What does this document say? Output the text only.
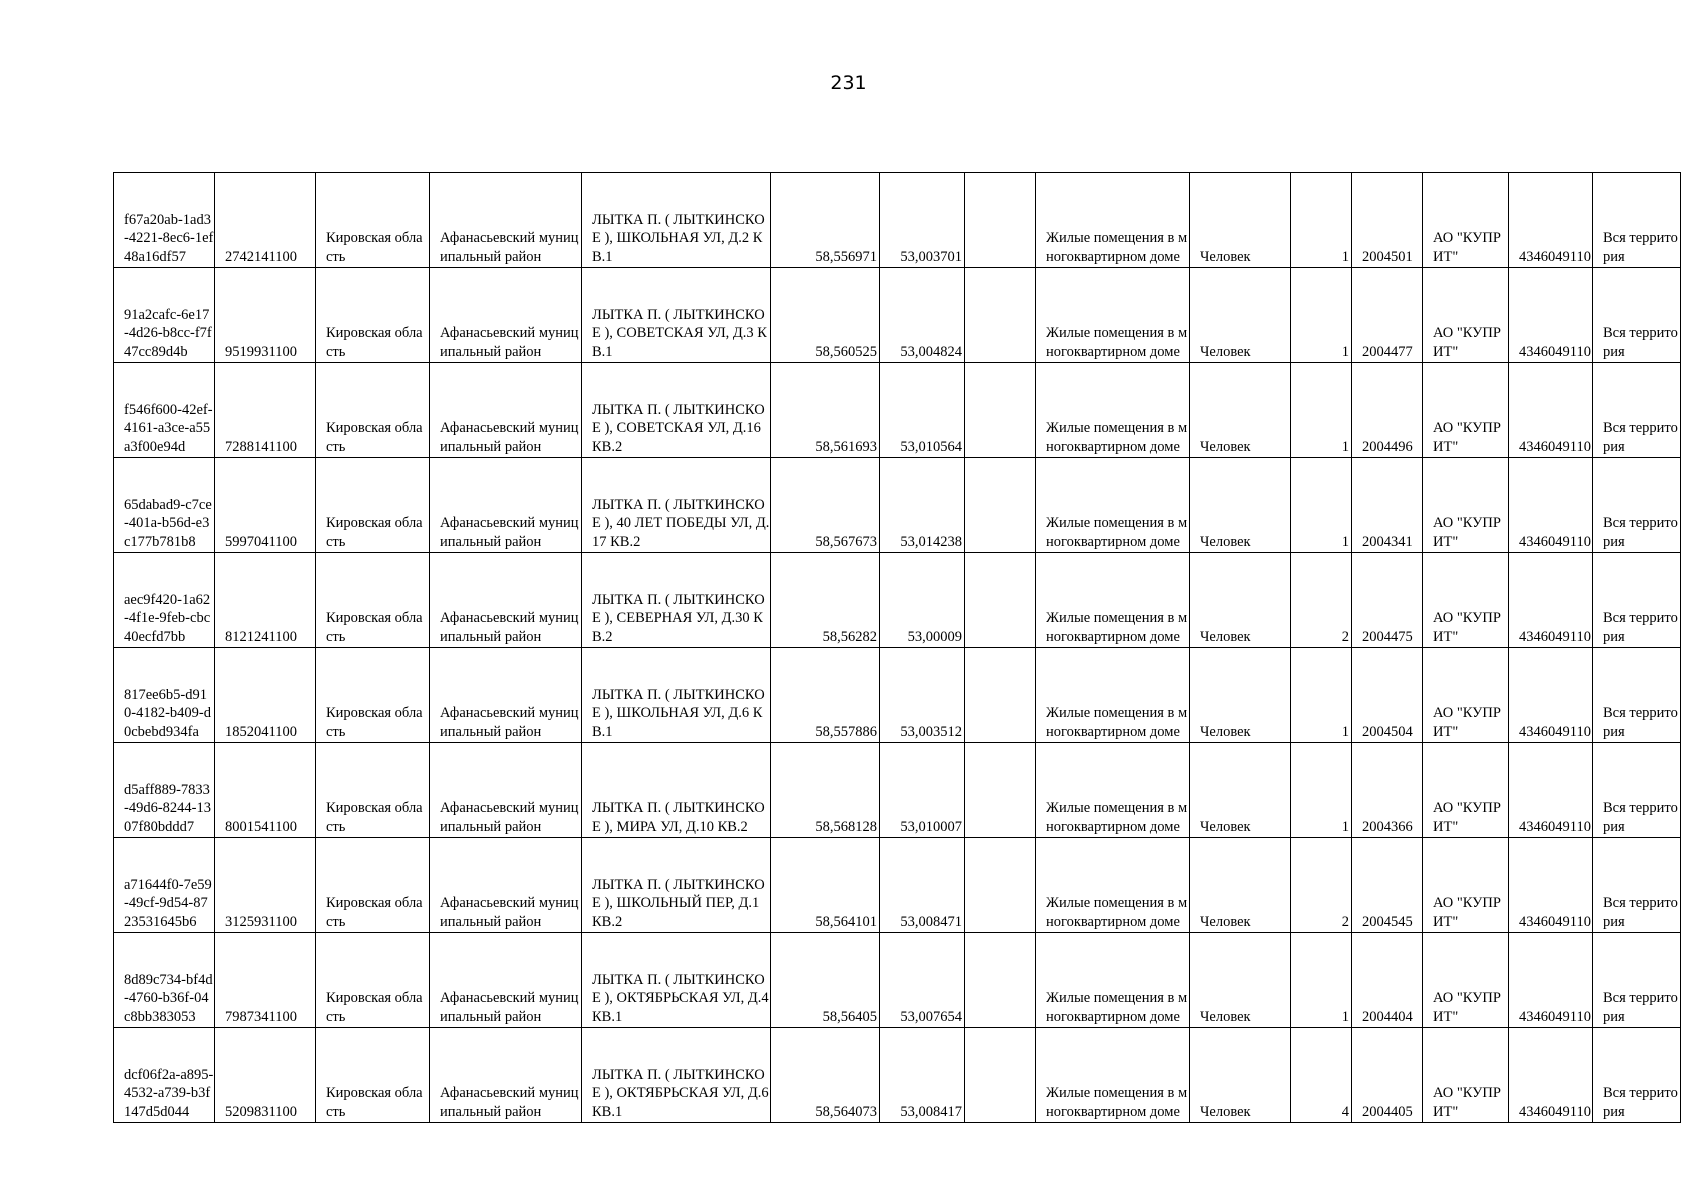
231
f67a20ab-1ad3-4221-8ec6-1ef48a16df57	2742141100	Кировская область	Афанасьевский муниципальный район	ЛЫТКА П. ( ЛЫТКИНСКОЕ ), ШКОЛЬНАЯ УЛ, Д.2 КВ.1	58,556971	53,003701		Жилые помещения в многоквартирном доме	Человек	1	2004501	АО "КУПРИТ"	4346049110	Вся территория
91a2cafc-6e17-4d26-b8cc-f7f47cc89d4b	9519931100	Кировская область	Афанасьевский муниципальный район	ЛЫТКА П. ( ЛЫТКИНСКОЕ ), СОВЕТСКАЯ УЛ, Д.3 КВ.1	58,560525	53,004824		Жилые помещения в многоквартирном доме	Человек	1	2004477	АО "КУПРИТ"	4346049110	Вся территория
f546f600-42ef-4161-a3ce-a55a3f00e94d	7288141100	Кировская область	Афанасьевский муниципальный район	ЛЫТКА П. ( ЛЫТКИНСКОЕ ), СОВЕТСКАЯ УЛ, Д.16 КВ.2	58,561693	53,010564		Жилые помещения в многоквартирном доме	Человек	1	2004496	АО "КУПРИТ"	4346049110	Вся территория
65dabad9-c7ce-401a-b56d-e3c177b781b8	5997041100	Кировская область	Афанасьевский муниципальный район	ЛЫТКА П. ( ЛЫТКИНСКОЕ ), 40 ЛЕТ ПОБЕДЫ УЛ, Д.17 КВ.2	58,567673	53,014238		Жилые помещения в многоквартирном доме	Человек	1	2004341	АО "КУПРИТ"	4346049110	Вся территория
aec9f420-1a62-4f1e-9feb-cbc40ecfd7bb	8121241100	Кировская область	Афанасьевский муниципальный район	ЛЫТКА П. ( ЛЫТКИНСКОЕ ), СЕВЕРНАЯ УЛ, Д.30 КВ.2	58,56282	53,00009		Жилые помещения в многоквартирном доме	Человек	2	2004475	АО "КУПРИТ"	4346049110	Вся территория
817ee6b5-d910-4182-b409-d0cbebd934fa	1852041100	Кировская область	Афанасьевский муниципальный район	ЛЫТКА П. ( ЛЫТКИНСКОЕ ), ШКОЛЬНАЯ УЛ, Д.6 КВ.1	58,557886	53,003512		Жилые помещения в многоквартирном доме	Человек	1	2004504	АО "КУПРИТ"	4346049110	Вся территория
d5aff889-7833-49d6-8244-1307f80bddd7	8001541100	Кировская область	Афанасьевский муниципальный район	ЛЫТКА П. ( ЛЫТКИНСКОЕ ), МИРА УЛ, Д.10 КВ.2	58,568128	53,010007		Жилые помещения в многоквартирном доме	Человек	1	2004366	АО "КУПРИТ"	4346049110	Вся территория
a71644f0-7e59-49cf-9d54-8723531645b6	3125931100	Кировская область	Афанасьевский муниципальный район	ЛЫТКА П. ( ЛЫТКИНСКОЕ ), ШКОЛЬНЫЙ ПЕР, Д.1 КВ.2	58,564101	53,008471		Жилые помещения в многоквартирном доме	Человек	2	2004545	АО "КУПРИТ"	4346049110	Вся территория
8d89c734-bf4d-4760-b36f-04c8bb383053	7987341100	Кировская область	Афанасьевский муниципальный район	ЛЫТКА П. ( ЛЫТКИНСКОЕ ), ОКТЯБРЬСКАЯ УЛ, Д.4 КВ.1	58,56405	53,007654		Жилые помещения в многоквартирном доме	Человек	1	2004404	АО "КУПРИТ"	4346049110	Вся территория
dcf06f2a-a895-4532-a739-b3f147d5d044	5209831100	Кировская область	Афанасьевский муниципальный район	ЛЫТКА П. ( ЛЫТКИНСКОЕ ), ОКТЯБРЬСКАЯ УЛ, Д.6 КВ.1	58,564073	53,008417		Жилые помещения в многоквартирном доме	Человек	4	2004405	АО "КУПРИТ"	4346049110	Вся территория
